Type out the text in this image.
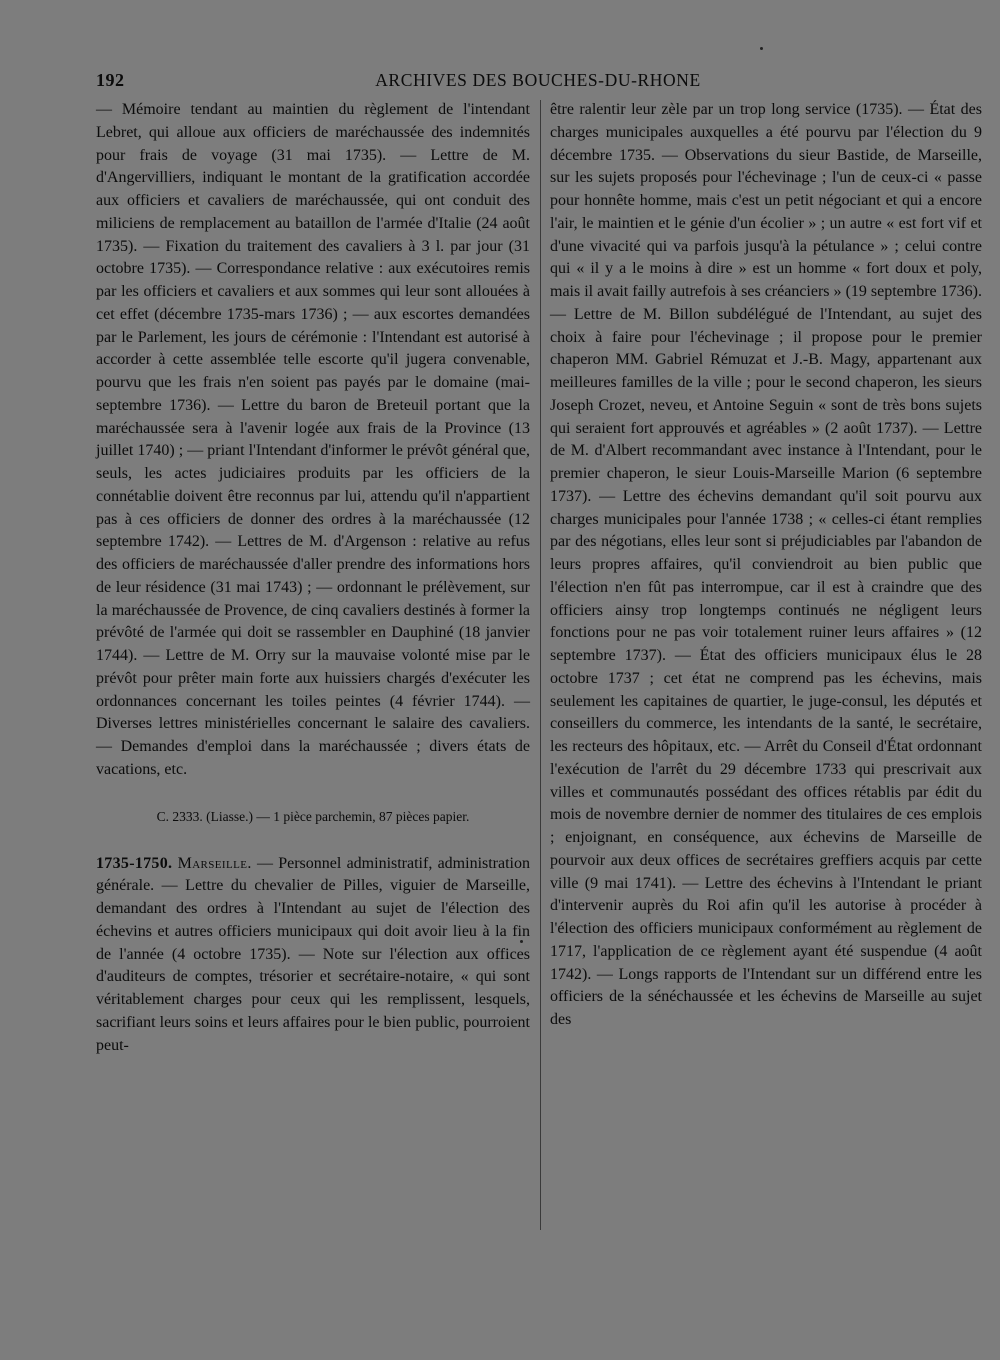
192	ARCHIVES DES BOUCHES-DU-RHONE

— Mémoire tendant au maintien du règlement de l'intendant Lebret, qui alloue aux officiers de maréchaussée des indemnités pour frais de voyage (31 mai 1735). — Lettre de M. d'Angervilliers, indiquant le montant de la gratification accordée aux officiers et cavaliers de maréchaussée, qui ont conduit des miliciens de remplacement au bataillon de l'armée d'Italie (24 août 1735). — Fixation du traitement des cavaliers à 3 l. par jour (31 octobre 1735). — Correspondance relative : aux exécutoires remis par les officiers et cavaliers et aux sommes qui leur sont allouées à cet effet (décembre 1735-mars 1736) ; — aux escortes demandées par le Parlement, les jours de cérémonie : l'Intendant est autorisé à accorder à cette assemblée telle escorte qu'il jugera convenable, pourvu que les frais n'en soient pas payés par le domaine (mai-septembre 1736). — Lettre du baron de Breteuil portant que la maréchaussée sera à l'avenir logée aux frais de la Province (13 juillet 1740) ; — priant l'Intendant d'informer le prévôt général que, seuls, les actes judiciaires produits par les officiers de la connétablie doivent être reconnus par lui, attendu qu'il n'appartient pas à ces officiers de donner des ordres à la maréchaussée (12 septembre 1742). — Lettres de M. d'Argenson : relative au refus des officiers de maréchaussée d'aller prendre des informations hors de leur résidence (31 mai 1743) ; — ordonnant le prélèvement, sur la maréchaussée de Provence, de cinq cavaliers destinés à former la prévôté de l'armée qui doit se rassembler en Dauphiné (18 janvier 1744). — Lettre de M. Orry sur la mauvaise volonté mise par le prévôt pour prêter main forte aux huissiers chargés d'exécuter les ordonnances concernant les toiles peintes (4 février 1744). — Diverses lettres ministérielles concernant le salaire des cavaliers. — Demandes d'emploi dans la maréchaussée ; divers états de vacations, etc.

C. 2333. (Liasse.) — 1 pièce parchemin, 87 pièces papier.

1735-1750. Marseille. — Personnel administratif, administration générale. — Lettre du chevalier de Pilles, viguier de Marseille, demandant des ordres à l'Intendant au sujet de l'élection des échevins et autres officiers municipaux qui doit avoir lieu à la fin de l'année (4 octobre 1735). — Note sur l'élection aux offices d'auditeurs de comptes, trésorier et secrétaire-notaire, « qui sont véritablement charges pour ceux qui les remplissent, lesquels, sacrifiant leurs soins et leurs affaires pour le bien public, pourroient peut-

être ralentir leur zèle par un trop long service (1735). — État des charges municipales auxquelles a été pourvu par l'élection du 9 décembre 1735. — Observations du sieur Bastide, de Marseille, sur les sujets proposés pour l'échevinage ; l'un de ceux-ci « passe pour honnête homme, mais c'est un petit négociant et qui a encore l'air, le maintien et le génie d'un écolier » ; un autre « est fort vif et d'une vivacité qui va parfois jusqu'à la pétulance » ; celui contre qui « il y a le moins à dire » est un homme « fort doux et poly, mais il avait failly autrefois à ses créanciers » (19 septembre 1736). — Lettre de M. Billon subdélégué de l'Intendant, au sujet des choix à faire pour l'échevinage ; il propose pour le premier chaperon MM. Gabriel Rémuzat et J.-B. Magy, appartenant aux meilleures familles de la ville ; pour le second chaperon, les sieurs Joseph Crozet, neveu, et Antoine Seguin « sont de très bons sujets qui seraient fort approuvés et agréables » (2 août 1737). — Lettre de M. d'Albert recommandant avec instance à l'Intendant, pour le premier chaperon, le sieur Louis-Marseille Marion (6 septembre 1737). — Lettre des échevins demandant qu'il soit pourvu aux charges municipales pour l'année 1738 ; « celles-ci étant remplies par des négotians, elles leur sont si préjudiciables par l'abandon de leurs propres affaires, qu'il conviendroit au bien public que l'élection n'en fût pas interrompue, car il est à craindre que des officiers ainsy trop longtemps continués ne négligent leurs fonctions pour ne pas voir totalement ruiner leurs affaires » (12 septembre 1737). — État des officiers municipaux élus le 28 octobre 1737 ; cet état ne comprend pas les échevins, mais seulement les capitaines de quartier, le juge-consul, les députés et conseillers du commerce, les intendants de la santé, le secrétaire, les recteurs des hôpitaux, etc. — Arrêt du Conseil d'État ordonnant l'exécution de l'arrêt du 29 décembre 1733 qui prescrivait aux villes et communautés possédant des offices rétablis par édit du mois de novembre dernier de nommer des titulaires de ces emplois ; enjoignant, en conséquence, aux échevins de Marseille de pourvoir aux deux offices de secrétaires greffiers acquis par cette ville (9 mai 1741). — Lettre des échevins à l'Intendant le priant d'intervenir auprès du Roi afin qu'il les autorise à procéder à l'élection des officiers municipaux conformément au règlement de 1717, l'application de ce règlement ayant été suspendue (4 août 1742). — Longs rapports de l'Intendant sur un différend entre les officiers de la sénéchaussée et les échevins de Marseille au sujet des
